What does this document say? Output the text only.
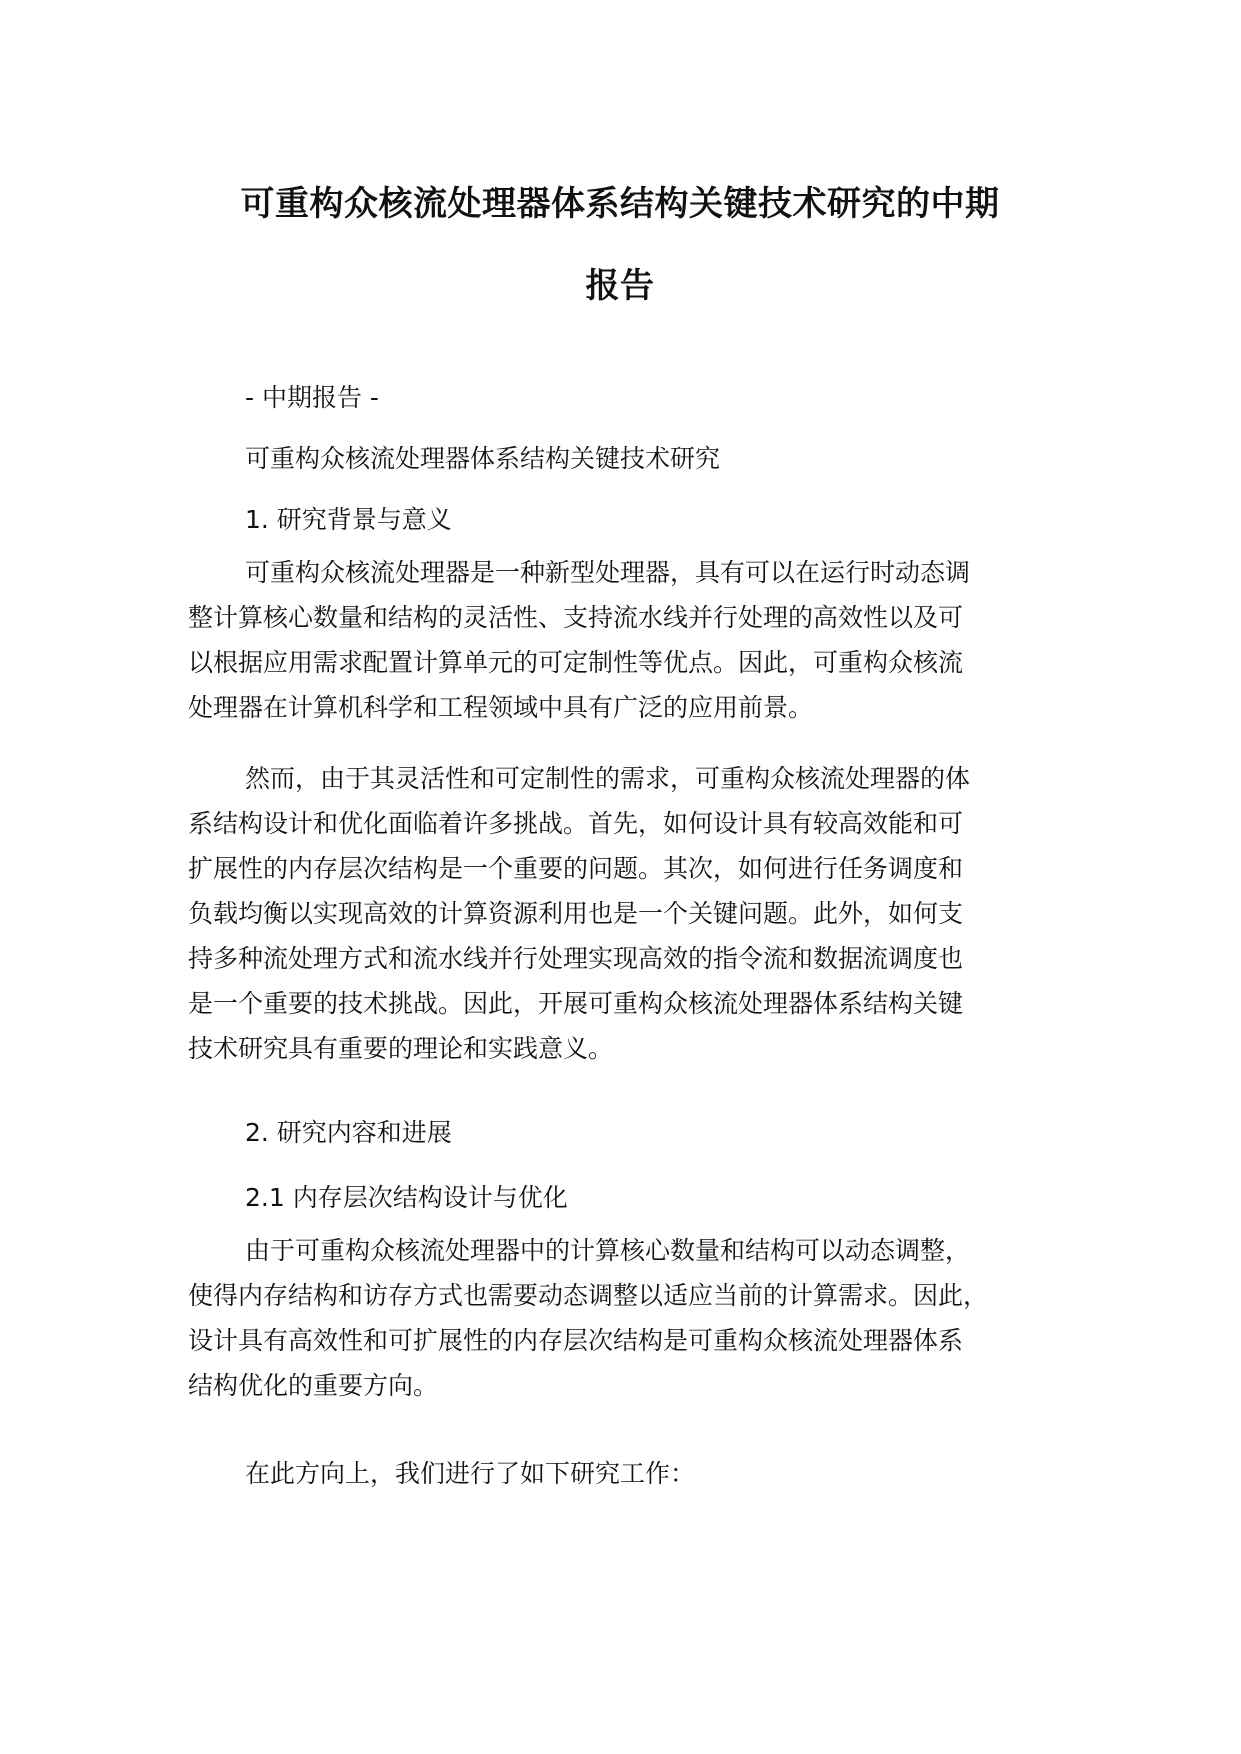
可重构众核流处理器体系结构关键技术研究的中期
报告
- 中期报告 -
可重构众核流处理器体系结构关键技术研究
1. 研究背景与意义
可重构众核流处理器是一种新型处理器，具有可以在运行时动态调
整计算核心数量和结构的灵活性、支持流水线并行处理的高效性以及可
以根据应用需求配置计算单元的可定制性等优点。因此，可重构众核流
处理器在计算机科学和工程领域中具有广泛的应用前景。
然而，由于其灵活性和可定制性的需求，可重构众核流处理器的体
系结构设计和优化面临着许多挑战。首先，如何设计具有较高效能和可
扩展性的内存层次结构是一个重要的问题。其次，如何进行任务调度和
负载均衡以实现高效的计算资源利用也是一个关键问题。此外，如何支
持多种流处理方式和流水线并行处理实现高效的指令流和数据流调度也
是一个重要的技术挑战。因此，开展可重构众核流处理器体系结构关键
技术研究具有重要的理论和实践意义。
2. 研究内容和进展
2.1 内存层次结构设计与优化
由于可重构众核流处理器中的计算核心数量和结构可以动态调整，
使得内存结构和访存方式也需要动态调整以适应当前的计算需求。因此，
设计具有高效性和可扩展性的内存层次结构是可重构众核流处理器体系
结构优化的重要方向。
在此方向上，我们进行了如下研究工作：
